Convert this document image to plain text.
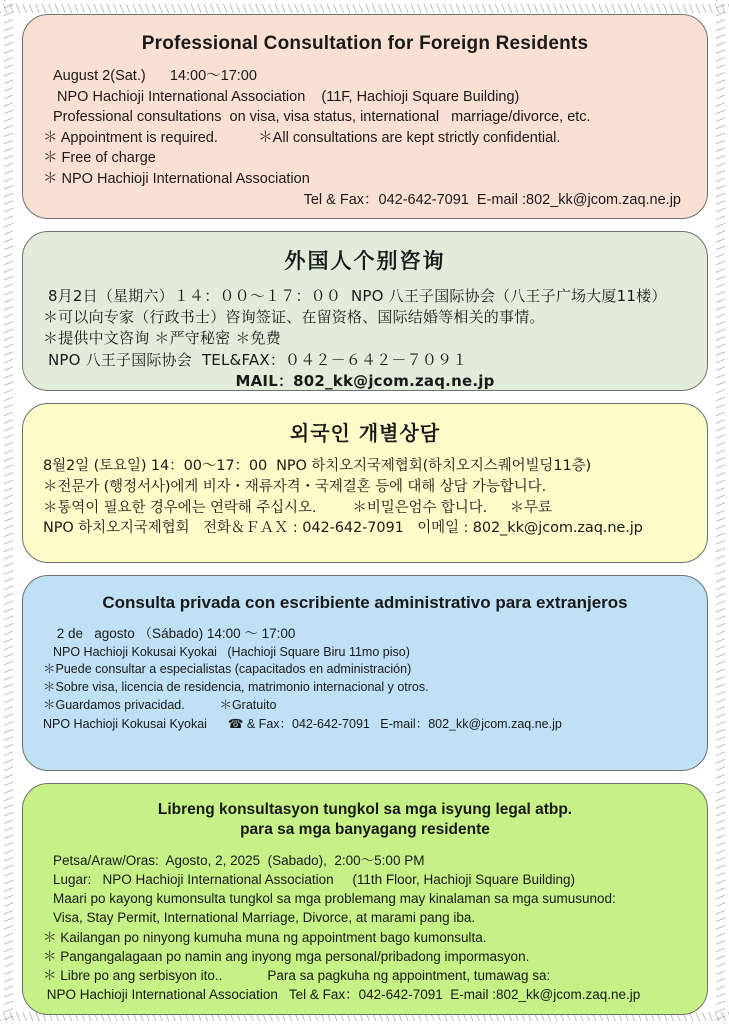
Professional Consultation for Foreign Residents
August 2(Sat.)      14:00～17:00
NPO Hachioji International Association    (11F, Hachioji Square Building)
Professional consultations  on visa, visa status, international   marriage/divorce, etc.
＊ Appointment is required.          ＊All consultations are kept strictly confidential.
＊ Free of charge
＊ NPO Hachioji International Association
Tel & Fax：042-642-7091  E-mail :802_kk@jcom.zaq.ne.jp
外国人个别咨询
8月2日（星期六）１４：００～１７：００  NPO 八王子国际协会（八王子广场大厦11楼）
＊可以向专家（行政书士）咨询签证、在留资格、国际结婚等相关的事情。
＊提供中文咨询 ＊严守秘密 ＊免费
NPO 八王子国际协会  TEL&FAX：０４２－６４２－７０９１
MAIL：802_kk@jcom.zaq.ne.jp
외국인 개별상담
8월2일 (토요일) 14：00～17：00  NPO 하치오지국제협회(하치오지스퀘어빌딩11층)
＊전문가 (행정서사)에게 비자・재류자격・국제결혼 등에 대해 상담 가능합니다.
＊통역이 필요한 경우에는 연락해 주십시오.        ＊비밀은엄수 합니다.     ＊무료
NPO 하치오지국제협회   전화＆ＦＡＸ : 042-642-7091   이메일 : 802_kk@jcom.zaq.ne.jp
Consulta privada con escribiente administrativo para extranjeros
2 de   agosto （Sábado) 14:00 ～ 17:00
NPO Hachioji Kokusai Kyokai   (Hachioji Square Biru 11mo piso)
＊Puede consultar a especialistas (capacitados en administración)
＊Sobre visa, licencia de residencia, matrimonio internacional y otros.
＊Guardamos privacidad.          ＊Gratuito
NPO Hachioji Kokusai Kyokai ☎ & Fax：042-642-7091   E-mail：802_kk@jcom.zaq.ne.jp
Libreng konsultasyon tungkol sa mga isyung legal atbp.
para sa mga banyagang residente
Petsa/Araw/Oras:  Agosto, 2, 2025  (Sabado),  2:00～5:00 PM
Lugar:   NPO Hachioji International Association     (11th Floor, Hachioji Square Building)
Maari po kayong kumonsulta tungkol sa mga problemang may kinalaman sa mga sumusunod:
Visa, Stay Permit, International Marriage, Divorce, at marami pang iba.
＊ Kailangan po ninyong kumuha muna ng appointment bago kumonsulta.
＊ Pangangalagaan po namin ang inyong mga personal/pribadong impormasyon.
＊ Libre po ang serbisyon ito..            Para sa pagkuha ng appointment, tumawag sa:
NPO Hachioji International Association   Tel & Fax：042-642-7091  E-mail :802_kk@jcom.zaq.ne.jp
